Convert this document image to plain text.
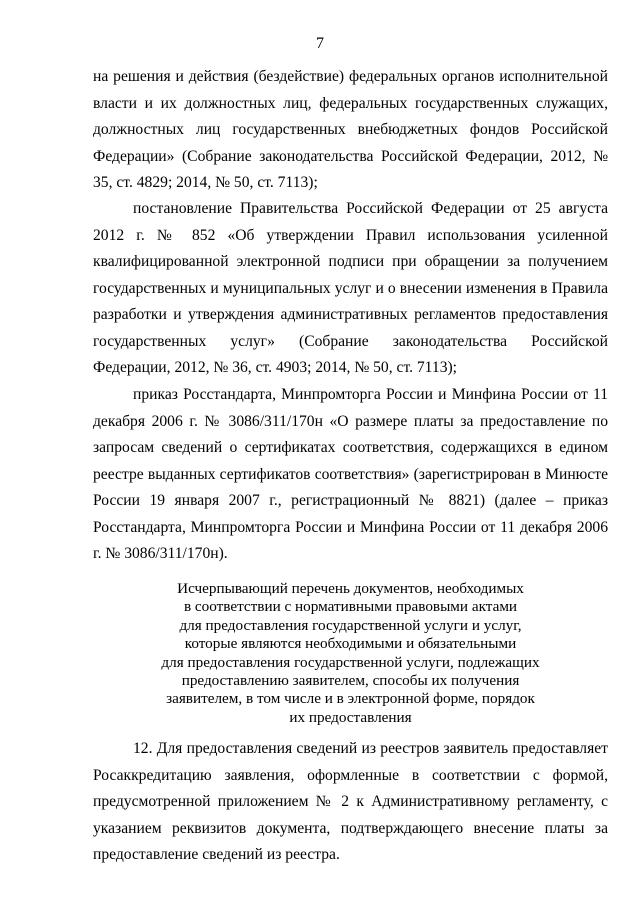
7

на решения и действия (бездействие) федеральных органов исполнительной власти и их должностных лиц, федеральных государственных служащих, должностных лиц государственных внебюджетных фондов Российской Федерации» (Собрание законодательства Российской Федерации, 2012, № 35, ст. 4829; 2014, № 50, ст. 7113);

постановление Правительства Российской Федерации от 25 августа 2012 г. № 852 «Об утверждении Правил использования усиленной квалифицированной электронной подписи при обращении за получением государственных и муниципальных услуг и о внесении изменения в Правила разработки и утверждения административных регламентов предоставления государственных услуг» (Собрание законодательства Российской Федерации, 2012, № 36, ст. 4903; 2014, № 50, ст. 7113);

приказ Росстандарта, Минпромторга России и Минфина России от 11 декабря 2006 г. № 3086/311/170н «О размере платы за предоставление по запросам сведений о сертификатах соответствия, содержащихся в едином реестре выданных сертификатов соответствия» (зарегистрирован в Минюсте России 19 января 2007 г., регистрационный № 8821) (далее – приказ Росстандарта, Минпромторга России и Минфина России от 11 декабря 2006 г. № 3086/311/170н).

Исчерпывающий перечень документов, необходимых
в соответствии с нормативными правовыми актами
для предоставления государственной услуги и услуг,
которые являются необходимыми и обязательными
для предоставления государственной услуги, подлежащих
предоставлению заявителем, способы их получения
заявителем, в том числе и в электронной форме, порядок
их предоставления

12. Для предоставления сведений из реестров заявитель предоставляет Росаккредитацию заявления, оформленные в соответствии с формой, предусмотренной приложением № 2 к Административному регламенту, с указанием реквизитов документа, подтверждающего внесение платы за предоставление сведений из реестра.
